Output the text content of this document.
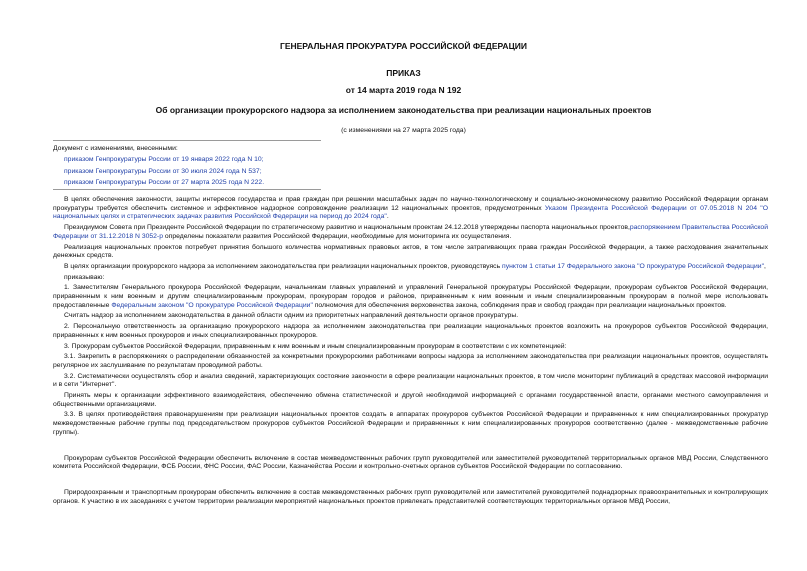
ГЕНЕРАЛЬНАЯ ПРОКУРАТУРА РОССИЙСКОЙ ФЕДЕРАЦИИ
ПРИКАЗ
от 14 марта 2019 года N 192
Об организации прокурорского надзора за исполнением законодательства при реализации национальных проектов
(с изменениями на 27 марта 2025 года)
Документ с изменениями, внесенными:
приказом Генпрокуратуры России от 19 января 2022 года N 10;
приказом Генпрокуратуры России от 30 июля 2024 года N 537;
приказом Генпрокуратуры России от 27 марта 2025 года N 222.

В целях обеспечения законности, защиты интересов государства и прав граждан при решении масштабных задач по научно-технологическому и социально-экономическому развитию Российской Федерации органам прокуратуры требуется обеспечить системное и эффективное надзорное сопровождение реализации 12 национальных проектов, предусмотренных Указом Президента Российской Федерации от 07.05.2018 N 204 "О национальных целях и стратегических задачах развития Российской Федерации на период до 2024 года".

Президиумом Совета при Президенте Российской Федерации по стратегическому развитию и национальным проектам 24.12.2018 утверждены паспорта национальных проектов,распоряжением Правительства Российской Федерации от 31.12.2018 N 3052-р определены показатели развития Российской Федерации, необходимые для мониторинга их осуществления.

Реализация национальных проектов потребует принятия большого количества нормативных правовых актов, в том числе затрагивающих права граждан Российской Федерации, а также расходования значительных денежных средств.

В целях организации прокурорского надзора за исполнением законодательства при реализации национальных проектов, руководствуясь пунктом 1 статьи 17 Федерального закона "О прокуратуре Российской Федерации",

приказываю:

1. Заместителям Генерального прокурора Российской Федерации, начальникам главных управлений и управлений Генеральной прокуратуры Российской Федерации, прокурорам субъектов Российской Федерации, приравненным к ним военным и другим специализированным прокурорам, прокурорам городов и районов, приравненным к ним военным и иным специализированным прокурорам в полной мере использовать предоставленные Федеральным законом "О прокуратуре Российской Федерации" полномочия для обеспечения верховенства закона, соблюдения прав и свобод граждан при реализации национальных проектов.

Считать надзор за исполнением законодательства в данной области одним из приоритетных направлений деятельности органов прокуратуры.

2. Персональную ответственность за организацию прокурорского надзора за исполнением законодательства при реализации национальных проектов возложить на прокуроров субъектов Российской Федерации, приравненных к ним военных прокуроров и иных специализированных прокуроров.

3. Прокурорам субъектов Российской Федерации, приравненным к ним военным и иным специализированным прокурорам в соответствии с их компетенцией:

3.1. Закрепить в распоряжениях о распределении обязанностей за конкретными прокурорскими работниками вопросы надзора за исполнением законодательства при реализации национальных проектов, осуществлять регулярное их заслушивание по результатам проводимой работы.

3.2. Систематически осуществлять сбор и анализ сведений, характеризующих состояние законности в сфере реализации национальных проектов, в том числе мониторинг публикаций в средствах массовой информации и в сети "Интернет".

Принять меры к организации эффективного взаимодействия, обеспечению обмена статистической и другой необходимой информацией с органами государственной власти, органами местного самоуправления и общественными организациями.

3.3. В целях противодействия правонарушениям при реализации национальных проектов создать в аппаратах прокуроров субъектов Российской Федерации и приравненных к ним специализированных прокуратур межведомственные рабочие группы под председательством прокуроров субъектов Российской Федерации и приравненных к ним специализированных прокуроров соответственно (далее - межведомственные рабочие группы).

Прокурорам субъектов Российской Федерации обеспечить включение в состав межведомственных рабочих групп руководителей или заместителей руководителей территориальных органов МВД России, Следственного комитета Российской Федерации, ФСБ России, ФНС России, ФАС России, Казначейства России и контрольно-счетных органов субъектов Российской Федерации по согласованию.

Природоохранным и транспортным прокурорам обеспечить включение в состав межведомственных рабочих групп руководителей или заместителей руководителей поднадзорных правоохранительных и контролирующих органов. К участию в их заседаниях с учетом территории реализации мероприятий национальных проектов привлекать представителей соответствующих территориальных органов МВД России,
